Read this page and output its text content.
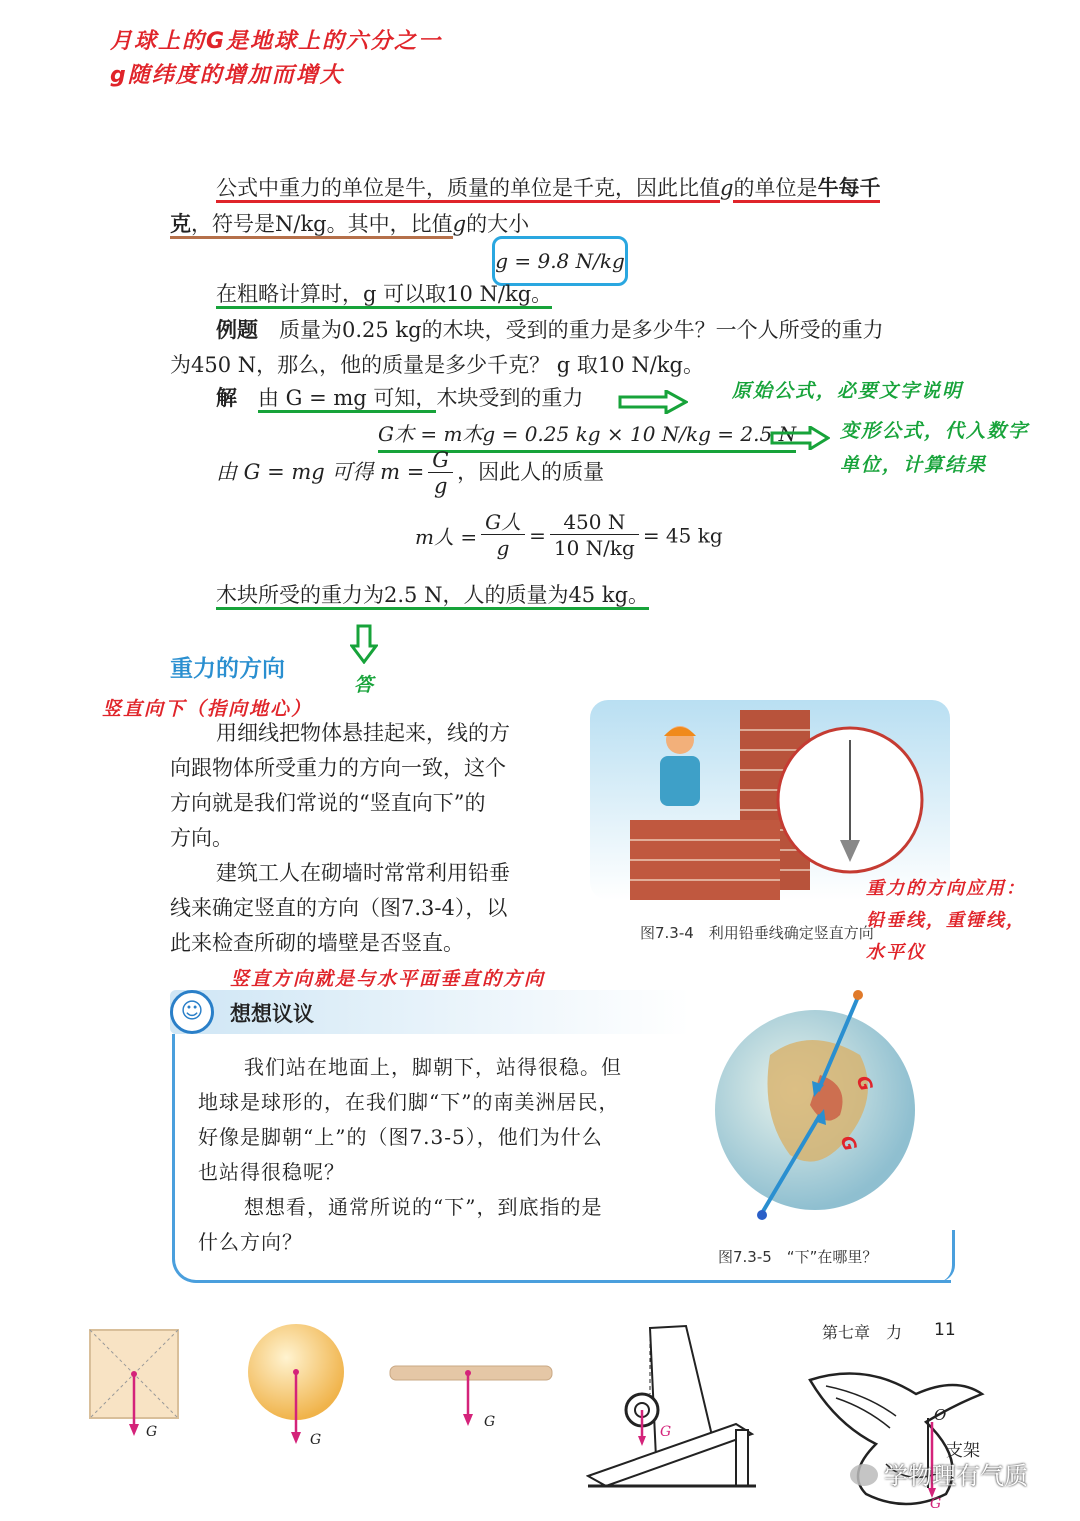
月球上的G是地球上的六分之一
g随纬度的增加而增大
公式中重力的单位是牛，质量的单位是千克，因此比值g的单位是牛每千
克，符号是N/kg。其中，比值g的大小
g = 9.8 N/kg
在粗略计算时，g 可以取10 N/kg。
例题　 质量为0.25 kg的木块，受到的重力是多少牛？一个人所受的重力
为450 N，那么，他的质量是多少千克？ g 取10 N/kg。
解　 由 G = mg 可知，木块受到的重力	原始公式，必要文字说明
G木 = m木g = 0.25 kg × 10 N/kg = 2.5 N 变形公式，代入数字
单位，计算结果
由 G = mg 可得 $m = \frac{G}{g}$ ，因此人的质量
m人 = $\frac{\text{G人}}{g} = \frac{450 N}{10 N/kg} = 45$ kg
木块所受的重力为2.5 N，人的质量为45 kg。
答
重力的方向
竖直向下（指向地心）
用细线把物体悬挂起来，线的方
向跟物体所受重力的方向一致，这个
方向就是我们常说的“竖直向下”的
方向。
建筑工人在砌墙时常常利用铅垂
线来确定竖直的方向（图7.3-4），以
此来检查所砌的墙壁是否竖直。	图7.3-4　利用铅垂线确定竖直方向
重力的方向应用：
铅垂线，重锤线，
水平仪
竖直方向就是与水平面垂直的方向
☺	想想议议
我们站在地面上，脚朝下，站得很稳。但
地球是球形的，在我们脚“下”的南美洲居民，
好像是脚朝“上”的（图7.3-5），他们为什么
也站得很稳呢？
想想看，通常所说的“下”，到底指的是
什么方向？
G
G
图7.3-5　“下”在哪里？
第七章　力 11
G	G
G
G
O
支架
G
学物理有气质
